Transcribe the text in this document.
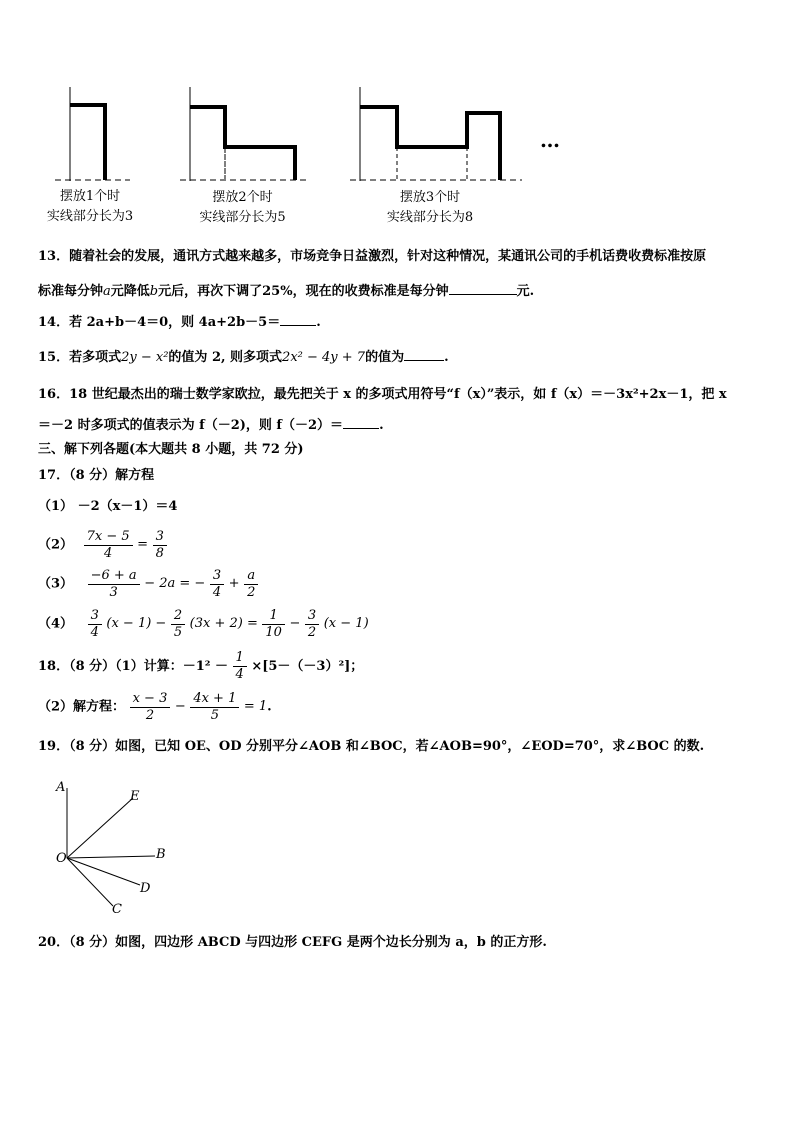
摆放1个时
实线部分长为3
摆放2个时
实线部分长为5
摆放3个时
实线部分长为8
…
13．随着社会的发展，通讯方式越来越多，市场竞争日益激烈，针对这种情况，某通讯公司的手机话费收费标准按原
标准每分钟a元降低b元后，再次下调了25%，现在的收费标准是每分钟	元.
14．若 2a+b－4＝0，则 4a+2b－5＝	.
15．若多项式2y − x²的值为 2, 则多项式2x² − 4y + 7的值为	.
16．18 世纪最杰出的瑞士数学家欧拉，最先把关于 x 的多项式用符号“f（x）”表示，如 f（x）＝－3x²+2x－1，把 x
＝－2 时多项式的值表示为 f（－2)，则 f（－2）＝	.
三、解下列各题(本大题共 8 小题，共 72 分)
17．（8 分）解方程
（1） －2（x－1）＝4
$(2) \frac{7x - 5}{4} = \frac{3}{8}$
$(3) \frac{-6 + a}{3} - 2a$ = − $\frac{3}{4} + \frac{a}{2}$
$(4) \frac{3}{4} (x - 1) - \frac{2}{5} (3x + 2) = \frac{1}{10} - \frac{3}{2} (x - 1)$
18．（8 分）（1）计算：$-1^2 - \frac{1}{4} \times[5-(-3)^2]$；
（2）解方程： $\frac{x - 3}{2} - \frac{4x + 1}{5} = 1$.
19．（8 分）如图，已知 OE、OD 分别平分∠AOB 和∠BOC，若∠AOB=90°，∠EOD=70°，求∠BOC 的数.
A
E
O	B
D
C
20．（8 分）如图，四边形 ABCD 与四边形 CEFG 是两个边长分别为 a，b 的正方形.
